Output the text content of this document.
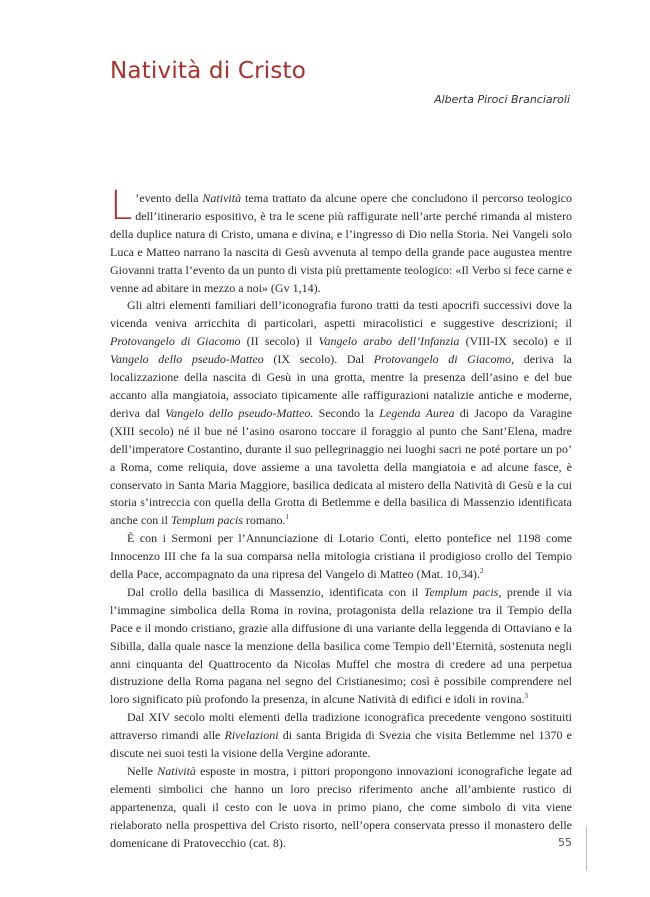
Natività di Cristo
Alberta Piroci Branciaroli

L ’evento della Natività tema trattato da alcune opere che concludono il percorso teologico dell’itinerario espositivo, è tra le scene più raffigurate nell’arte perché rimanda al mistero della duplice natura di Cristo, umana e divina, e l’ingresso di Dio nella Storia. Nei Vangeli solo Luca e Matteo narrano la nascita di Gesù avvenuta al tempo della grande pace augustea mentre Giovanni tratta l’evento da un punto di vista più prettamente teologico: «Il Verbo si fece carne e venne ad abitare in mezzo a noi» (Gv 1,14).

Gli altri elementi familiari dell’iconografia furono tratti da testi apocrifi successivi dove la vicenda veniva arricchita di particolari, aspetti miracolistici e suggestive descrizioni; il Protovangelo di Giacomo (II secolo) il Vangelo arabo dell’Infanzia (VIII-IX secolo) e il Vangelo dello pseudo-Matteo (IX secolo). Dal Protovangelo di Giacomo, deriva la localizzazione della nascita di Gesù in una grotta, mentre la presenza dell’asino e del bue accanto alla mangiatoia, associato tipicamente alle raffigurazioni natalizie antiche e moderne, deriva dal Vangelo dello pseudo-Matteo. Secondo la Legenda Aurea di Jacopo da Varagine (XIII secolo) né il bue né l’asino osarono toccare il foraggio al punto che Sant’Elena, madre dell’imperatore Costantino, durante il suo pellegrinaggio nei luoghi sacri ne poté portare un po’ a Roma, come reliquia, dove assieme a una tavoletta della mangiatoia e ad alcune fasce, è conservato in Santa Maria Maggiore, basilica dedicata al mistero della Natività di Gesù e la cui storia s’intreccia con quella della Grotta di Betlemme e della basilica di Massenzio identificata anche con il Templum pacis romano.$^1$

È con i Sermoni per l’Annunciazione di Lotario Conti, eletto pontefice nel 1198 come Innocenzo III che fa la sua comparsa nella mitologia cristiana il prodigioso crollo del Tempio della Pace, accompagnato da una ripresa del Vangelo di Matteo (Mat. 10,34).$^2$

Dal crollo della basilica di Massenzio, identificata con il Templum pacis, prende il via l’immagine simbolica della Roma in rovina, protagonista della relazione tra il Tempio della Pace e il mondo cristiano, grazie alla diffusione di una variante della leggenda di Ottaviano e la Sibilla, dalla quale nasce la menzione della basilica come Tempio dell’Eternità, sostenuta negli anni cinquanta del Quattrocento da Nicolas Muffel che mostra di credere ad una perpetua distruzione della Roma pagana nel segno del Cristianesimo; così è possibile comprendere nel loro significato più profondo la presenza, in alcune Natività di edifici e idoli in rovina.$^3$

Dal XIV secolo molti elementi della tradizione iconografica precedente vengono sostituiti attraverso rimandi alle Rivelazioni di santa Brigida di Svezia che visita Betlemme nel 1370 e discute nei suoi testi la visione della Vergine adorante.

Nelle Natività esposte in mostra, i pittori propongono innovazioni iconografiche legate ad elementi simbolici che hanno un loro preciso riferimento anche all’ambiente rustico di appartenenza, quali il cesto con le uova in primo piano, che come simbolo di vita viene rielaborato nella prospettiva del Cristo risorto, nell’opera conservata presso il monastero delle domenicane di Pratovecchio (cat. 8).	55
